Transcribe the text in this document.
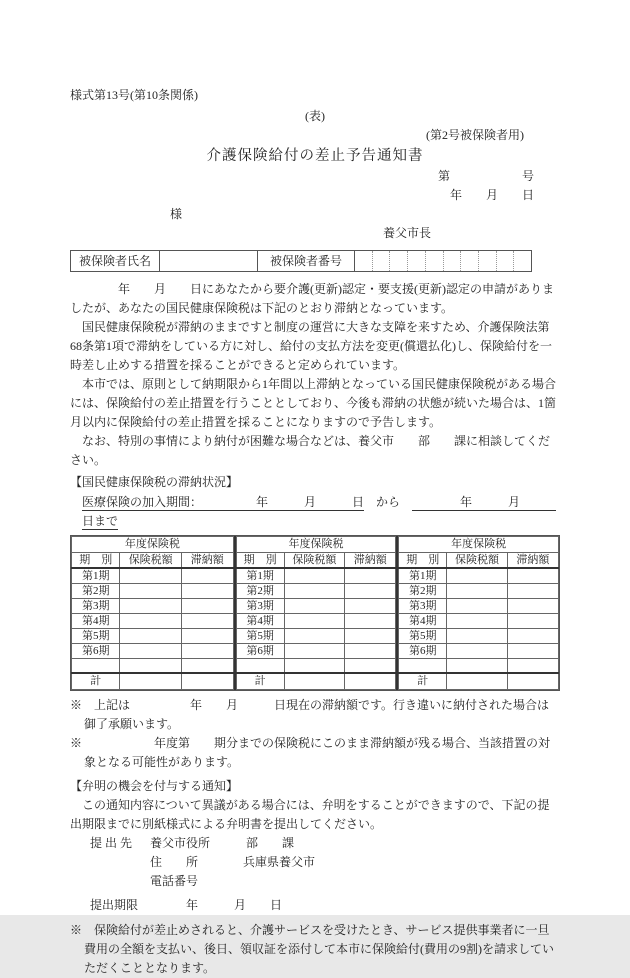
様式第13号(第10条関係)
(表)
(第2号被保険者用)
介護保険給付の差止予告通知書
第　　　　　　号
年　　月　　日
様
養父市長
被保険者氏名	被保険者番号

　　　　年　　月　　日にあなたから要介護(更新)認定・要支援(更新)認定の申請がありましたが、あなたの国民健康保険税は下記のとおり滞納となっています。

　国民健康保険税が滞納のままですと制度の運営に大きな支障を来すため、介護保険法第68条第1項で滞納をしている方に対し、給付の支払方法を変更(償還払化)し、保険給付を一時差し止めする措置を採ることができると定められています。

　本市では、原則として納期限から1年間以上滞納となっている国民健康保険税がある場合には、保険給付の差止措置を行うこととしており、今後も滞納の状態が続いた場合は、1箇月以内に保険給付の差止措置を採ることになりますので予告します。

　なお、特別の事情により納付が困難な場合などは、養父市　　部　　課に相談してください。

【国民健康保険税の滞納状況】
医療保険の加入期間：　　　　　年　　　月　　　日　から　　　　　年　　　月　　　日まで
年度保険税		
期　別	保険税額	滞納額
第1期		
第2期		
第3期		
第4期		
第5期		
第6期		

計		
年度保険税		
期　別	保険税額	滞納額
第1期		
第2期		
第3期		
第4期		
第5期		
第6期		

計		
年度保険税		
期　別	保険税額	滞納額
第1期		
第2期		
第3期		
第4期		
第5期		
第6期		

計		
※　上記は　　　　　年　　月　　　日現在の滞納額です。行き違いに納付された場合は御了承願います。
※　　　　　　年度第　　期分までの保険税にこのまま滞納額が残る場合、当該措置の対象となる可能性があります。
【弁明の機会を付与する通知】

　この通知内容について異議がある場合には、弁明をすることができますので、下記の提出期限までに別紙様式による弁明書を提出してください。

提 出 先	養父市役所　　　部　　課
住　　所	兵庫県養父市
電話番号
提出期限 　　　年　　　月　　日
※　保険給付が差止めされると、介護サービスを受けたとき、サービス提供事業者に一旦費用の全額を支払い、後日、領収証を添付して本市に保険給付(費用の9割)を請求していただくこととなります。
